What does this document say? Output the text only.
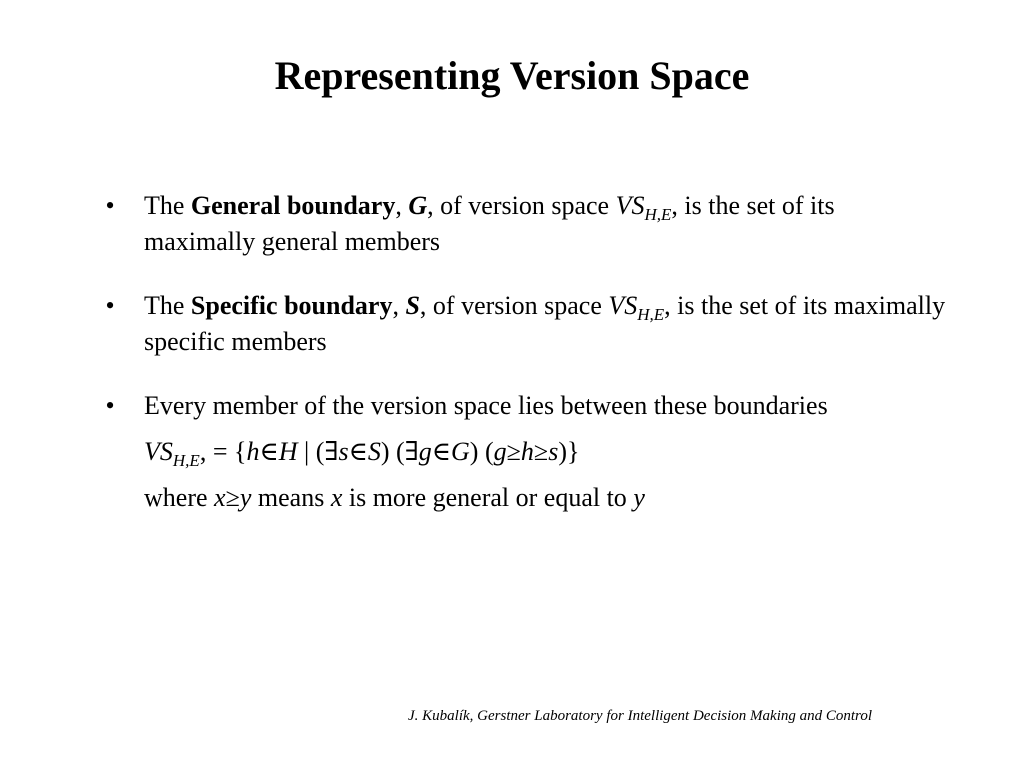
Representing Version Space
• The General boundary, G, of version space $VS_{H,E}$, is the set of its maximally general members
• The Specific boundary, S, of version space $VS_{H,E}$, is the set of its maximally specific members
• Every member of the version space lies between these boundaries
$VS_{H,E}$, = {h∈H | (∃s∈S) (∃g∈G) (g≥h≥s)}
where x≥y means x is more general or equal to y
J. Kubalík, Gerstner Laboratory for Intelligent Decision Making and Control
